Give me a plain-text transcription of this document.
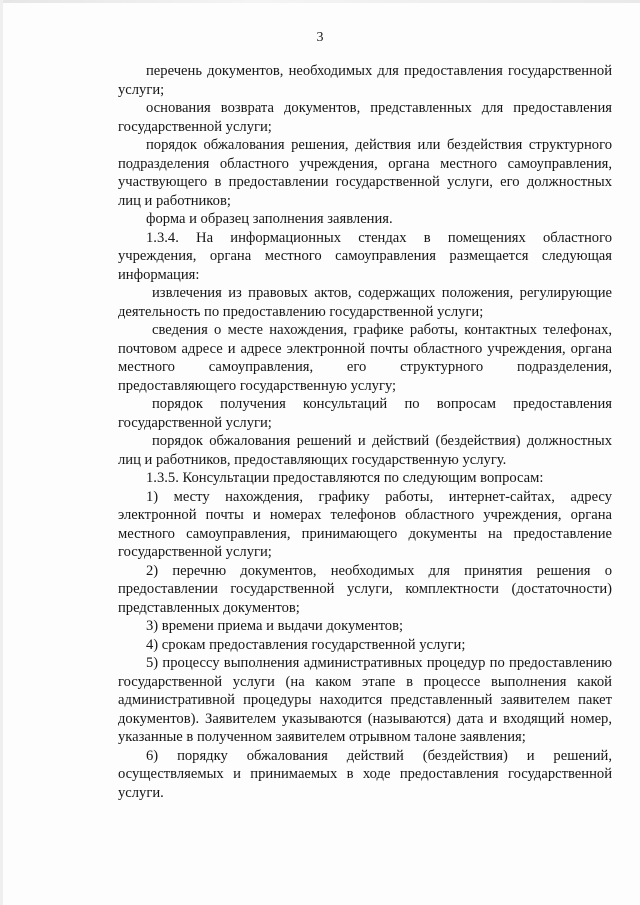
3

перечень документов, необходимых для предоставления государственной услуги;

основания возврата документов, представленных для предоставления государственной услуги;

порядок обжалования решения, действия или бездействия структурного подразделения областного учреждения, органа местного самоуправления, участвующего в предоставлении государственной услуги, его должностных лиц и работников;

форма и образец заполнения заявления.

1.3.4. На информационных стендах в помещениях областного учреждения, органа местного самоуправления размещается следующая информация:

извлечения из правовых актов, содержащих положения, регулирующие деятельность по предоставлению государственной услуги;

сведения о месте нахождения, графике работы, контактных телефонах, почтовом адресе и адресе электронной почты областного учреждения, органа местного самоуправления, его структурного подразделения, предоставляющего государственную услугу;

порядок получения консультаций по вопросам предоставления государственной услуги;

порядок обжалования решений и действий (бездействия) должностных лиц и работников, предоставляющих государственную услугу.

1.3.5. Консультации предоставляются по следующим вопросам:

1) месту нахождения, графику работы, интернет-сайтах, адресу электронной почты и номерах телефонов областного учреждения, органа местного самоуправления, принимающего документы на предоставление государственной услуги;

2) перечню документов, необходимых для принятия решения о предоставлении государственной услуги, комплектности (достаточности) представленных документов;

3) времени приема и выдачи документов;

4) срокам предоставления государственной услуги;

5) процессу выполнения административных процедур по предоставлению государственной услуги (на каком этапе в процессе выполнения какой административной процедуры находится представленный заявителем пакет документов). Заявителем указываются (называются) дата и входящий номер, указанные в полученном заявителем отрывном талоне заявления;

6) порядку обжалования действий (бездействия) и решений, осуществляемых и принимаемых в ходе предоставления государственной услуги.
